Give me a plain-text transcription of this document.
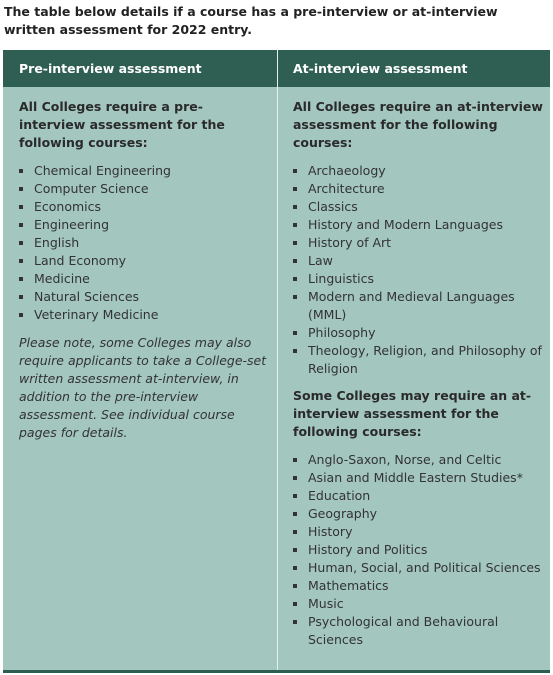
The table below details if a course has a pre-interview or at-interview written assessment for 2022 entry.
Pre-interview assessment	At-interview assessment
All Colleges require a pre-interview assessment for the following courses:
Chemical Engineering
Computer Science
Economics
Engineering
English
Land Economy
Medicine
Natural Sciences
Veterinary Medicine
Please note, some Colleges may also require applicants to take a College-set written assessment at-interview, in addition to the pre-interview assessment. See individual course pages for details.
All Colleges require an at-interview assessment for the following courses:
Archaeology
Architecture
Classics
History and Modern Languages
History of Art
Law
Linguistics
Modern and Medieval Languages (MML)
Philosophy
Theology, Religion, and Philosophy of Religion
Some Colleges may require an at-interview assessment for the following courses:
Anglo-Saxon, Norse, and Celtic
Asian and Middle Eastern Studies*
Education
Geography
History
History and Politics
Human, Social, and Political Sciences
Mathematics
Music
Psychological and Behavioural Sciences
